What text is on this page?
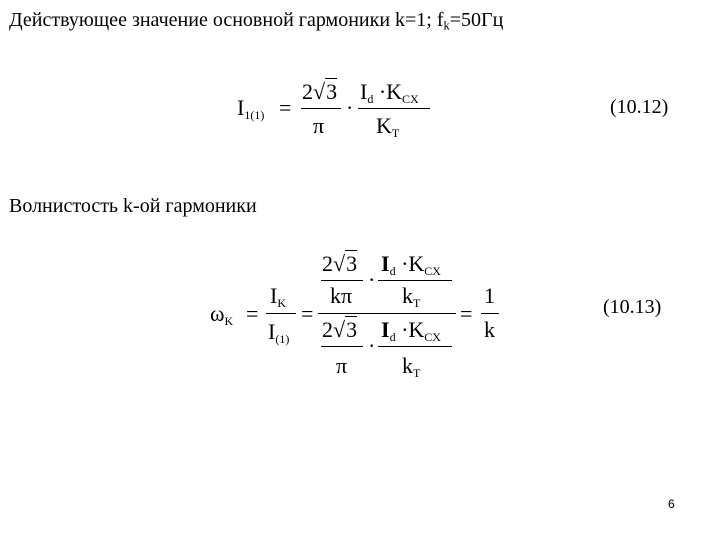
Действующее значение основной гармоники k=1; $f_k=50Гц$
I1(1) =
2√3
π
·
Id ·KCX
KT
(10.12)
Волнистость k-ой гармоники
ωK =
IK
I(1)
=
2√3
kπ
·
Id ·KCX
kT
2√3
π
·
Id ·KCX
kT
=
1
k
(10.13)
6
